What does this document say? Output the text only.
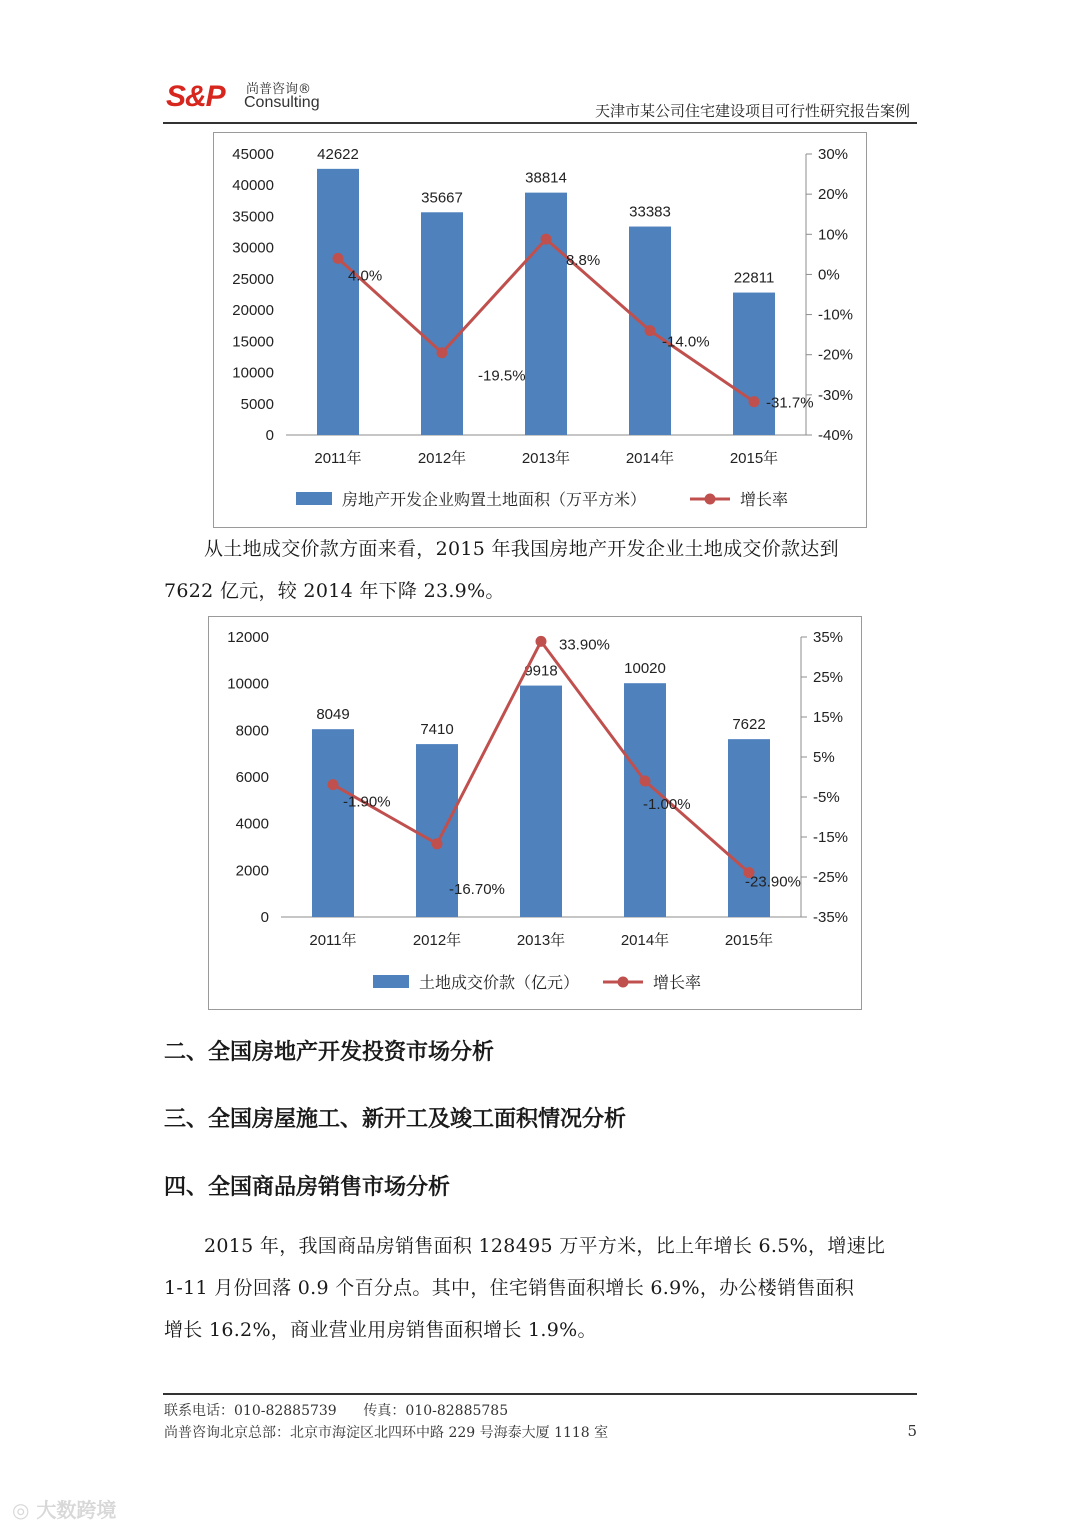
S&P 尚普咨询®
Consulting	天津市某公司住宅建设项目可行性研究报告案例
45000
40000
35000
30000
25000
20000
15000
10000
5000
0
30%
20%
10%
0%
-10%
-20%
-30%
-40%
42622
2011年
35667
2012年
38814
2013年
33383
2014年
22811
2015年
4.0%
-19.5%
8.8%
-14.0%
-31.7%
房地产开发企业购置土地面积（万平方米）	增长率
从土地成交价款方面来看，2015 年我国房地产开发企业土地成交价款达到
7622 亿元，较 2014 年下降 23.9%。
12000
10000
8000
6000
4000
2000
0
35%
25%
15%
5%
-5%
-15%
-25%
-35%
8049
2011年
7410
2012年
9918
2013年
10020
2014年
7622
2015年
-1.90%
-16.70%
33.90%
-1.00%
-23.90%
土地成交价款（亿元）	增长率
二、全国房地产开发投资市场分析
三、全国房屋施工、新开工及竣工面积情况分析
四、全国商品房销售市场分析
2015 年，我国商品房销售面积 128495 万平方米，比上年增长 6.5%，增速比
1-11 月份回落 0.9 个百分点。其中，住宅销售面积增长 6.9%，办公楼销售面积
增长 16.2%，商业营业用房销售面积增长 1.9%。
联系电话：010-82885739      传真：010-82885785
尚普咨询北京总部：北京市海淀区北四环中路 229 号海泰大厦 1118 室	5
◎ 大数跨境
